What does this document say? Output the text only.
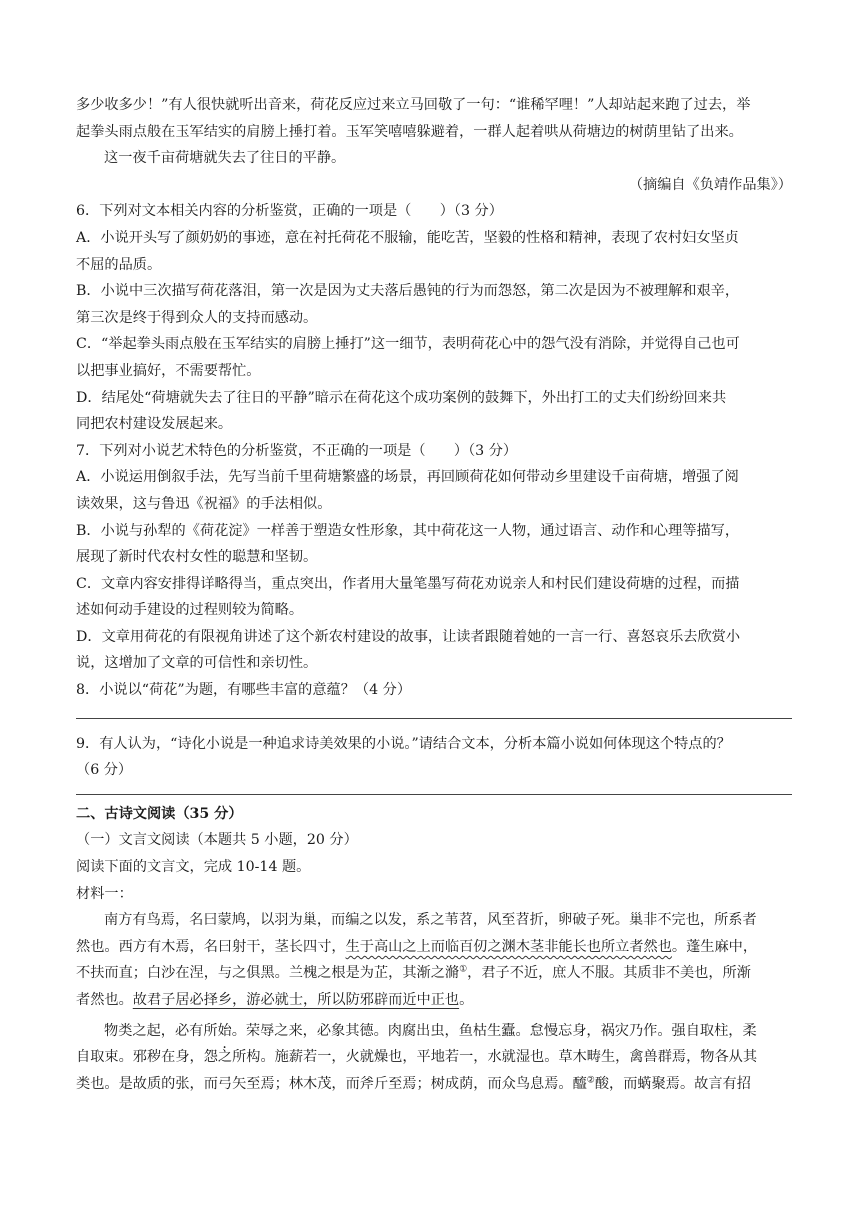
多少收多少！”有人很快就听出音来，荷花反应过来立马回敬了一句：“谁稀罕哩！”人却站起来跑了过去，举
起拳头雨点般在玉军结实的肩膀上捶打着。玉军笑嘻嘻躲避着，一群人起着哄从荷塘边的树荫里钻了出来。
这一夜千亩荷塘就失去了往日的平静。
（摘编自《负靖作品集》）
6．下列对文本相关内容的分析鉴赏，正确的一项是（　　）（3 分）
A．小说开头写了颜奶奶的事迹，意在衬托荷花不服输，能吃苦，坚毅的性格和精神，表现了农村妇女坚贞
不屈的品质。
B．小说中三次描写荷花落泪，第一次是因为丈夫落后愚钝的行为而怨怒，第二次是因为不被理解和艰辛，
第三次是终于得到众人的支持而感动。
C．“举起拳头雨点般在玉军结实的肩膀上捶打”这一细节，表明荷花心中的怨气没有消除，并觉得自己也可
以把事业搞好，不需要帮忙。
D．结尾处“荷塘就失去了往日的平静”暗示在荷花这个成功案例的鼓舞下，外出打工的丈夫们纷纷回来共
同把农村建设发展起来。
7．下列对小说艺术特色的分析鉴赏，不正确的一项是（　　）（3 分）
A．小说运用倒叙手法，先写当前千里荷塘繁盛的场景，再回顾荷花如何带动乡里建设千亩荷塘，增强了阅
读效果，这与鲁迅《祝福》的手法相似。
B．小说与孙犁的《荷花淀》一样善于塑造女性形象，其中荷花这一人物，通过语言、动作和心理等描写，
展现了新时代农村女性的聪慧和坚韧。
C．文章内容安排得详略得当，重点突出，作者用大量笔墨写荷花劝说亲人和村民们建设荷塘的过程，而描
述如何动手建设的过程则较为简略。
D．文章用荷花的有限视角讲述了这个新农村建设的故事，让读者跟随着她的一言一行、喜怒哀乐去欣赏小
说，这增加了文章的可信性和亲切性。
8．小说以“荷花”为题，有哪些丰富的意蕴？（4 分）
9．有人认为，“诗化小说是一种追求诗美效果的小说。”请结合文本，分析本篇小说如何体现这个特点的？
（6 分）
二、古诗文阅读（35 分）
（一）文言文阅读（本题共 5 小题，20 分）
阅读下面的文言文，完成 10-14 题。
材料一：
南方有鸟焉，名曰蒙鸠，以羽为巢，而编之以发，系之苇苕，风至苕折，卵破子死。巢非不完也，所系者
然也。西方有木焉，名曰射干，茎长四寸，生于高山之上而临百仞之渊木茎非能长也所立者然也。蓬生麻中，
不扶而直；白沙在涅，与之俱黑。兰槐之根是为芷，其渐之滫①，君子不近，庶人不服。其质非不美也，所渐
者然也。故君子居必择乡，游必就士，所以防邪辟而近中正也。
物类之起，必有所始。荣辱之来，必象其德。肉腐出虫，鱼枯生蠹。怠慢忘身，祸灾乃作。强自取柱，柔
自取束。邪秽在身，怨之所构。施薪若一，火就燥也，平地若一，水就湿也。草木畴生，禽兽群焉，物各从其
类也。是故质的张，而弓矢至焉；林木茂，而斧斤至焉；树成荫，而众鸟息焉。醯②酸，而蜹聚焉。故言有招
